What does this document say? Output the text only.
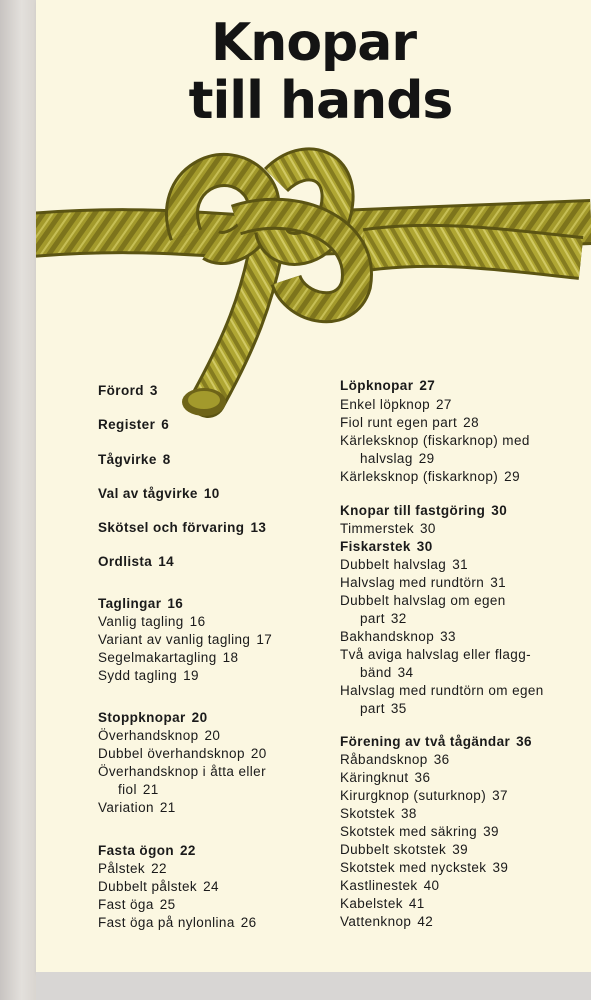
Knopar
till hands
Förord 3
Register 6
Tågvirke 8
Val av tågvirke 10
Skötsel och förvaring 13
Ordlista 14
Taglingar 16
Vanlig tagling 16
Variant av vanlig tagling 17
Segelmakartagling 18
Sydd tagling 19
Stoppknopar 20
Överhandsknop 20
Dubbel överhandsknop 20
Överhandsknop i åtta eller
fiol 21
Variation 21
Fasta ögon 22
Pålstek 22
Dubbelt pålstek 24
Fast öga 25
Fast öga på nylonlina 26
Löpknopar 27
Enkel löpknop 27
Fiol runt egen part 28
Kärleksknop (fiskarknop) med
halvslag 29
Kärleksknop (fiskarknop) 29
Knopar till fastgöring 30
Timmerstek 30
Fiskarstek 30
Dubbelt halvslag 31
Halvslag med rundtörn 31
Dubbelt halvslag om egen
part 32
Bakhandsknop 33
Två aviga halvslag eller flagg-
bänd 34
Halvslag med rundtörn om egen
part 35
Förening av två tågändar 36
Råbandsknop 36
Käringknut 36
Kirurgknop (suturknop) 37
Skotstek 38
Skotstek med säkring 39
Dubbelt skotstek 39
Skotstek med nyckstek 39
Kastlinestek 40
Kabelstek 41
Vattenknop 42
